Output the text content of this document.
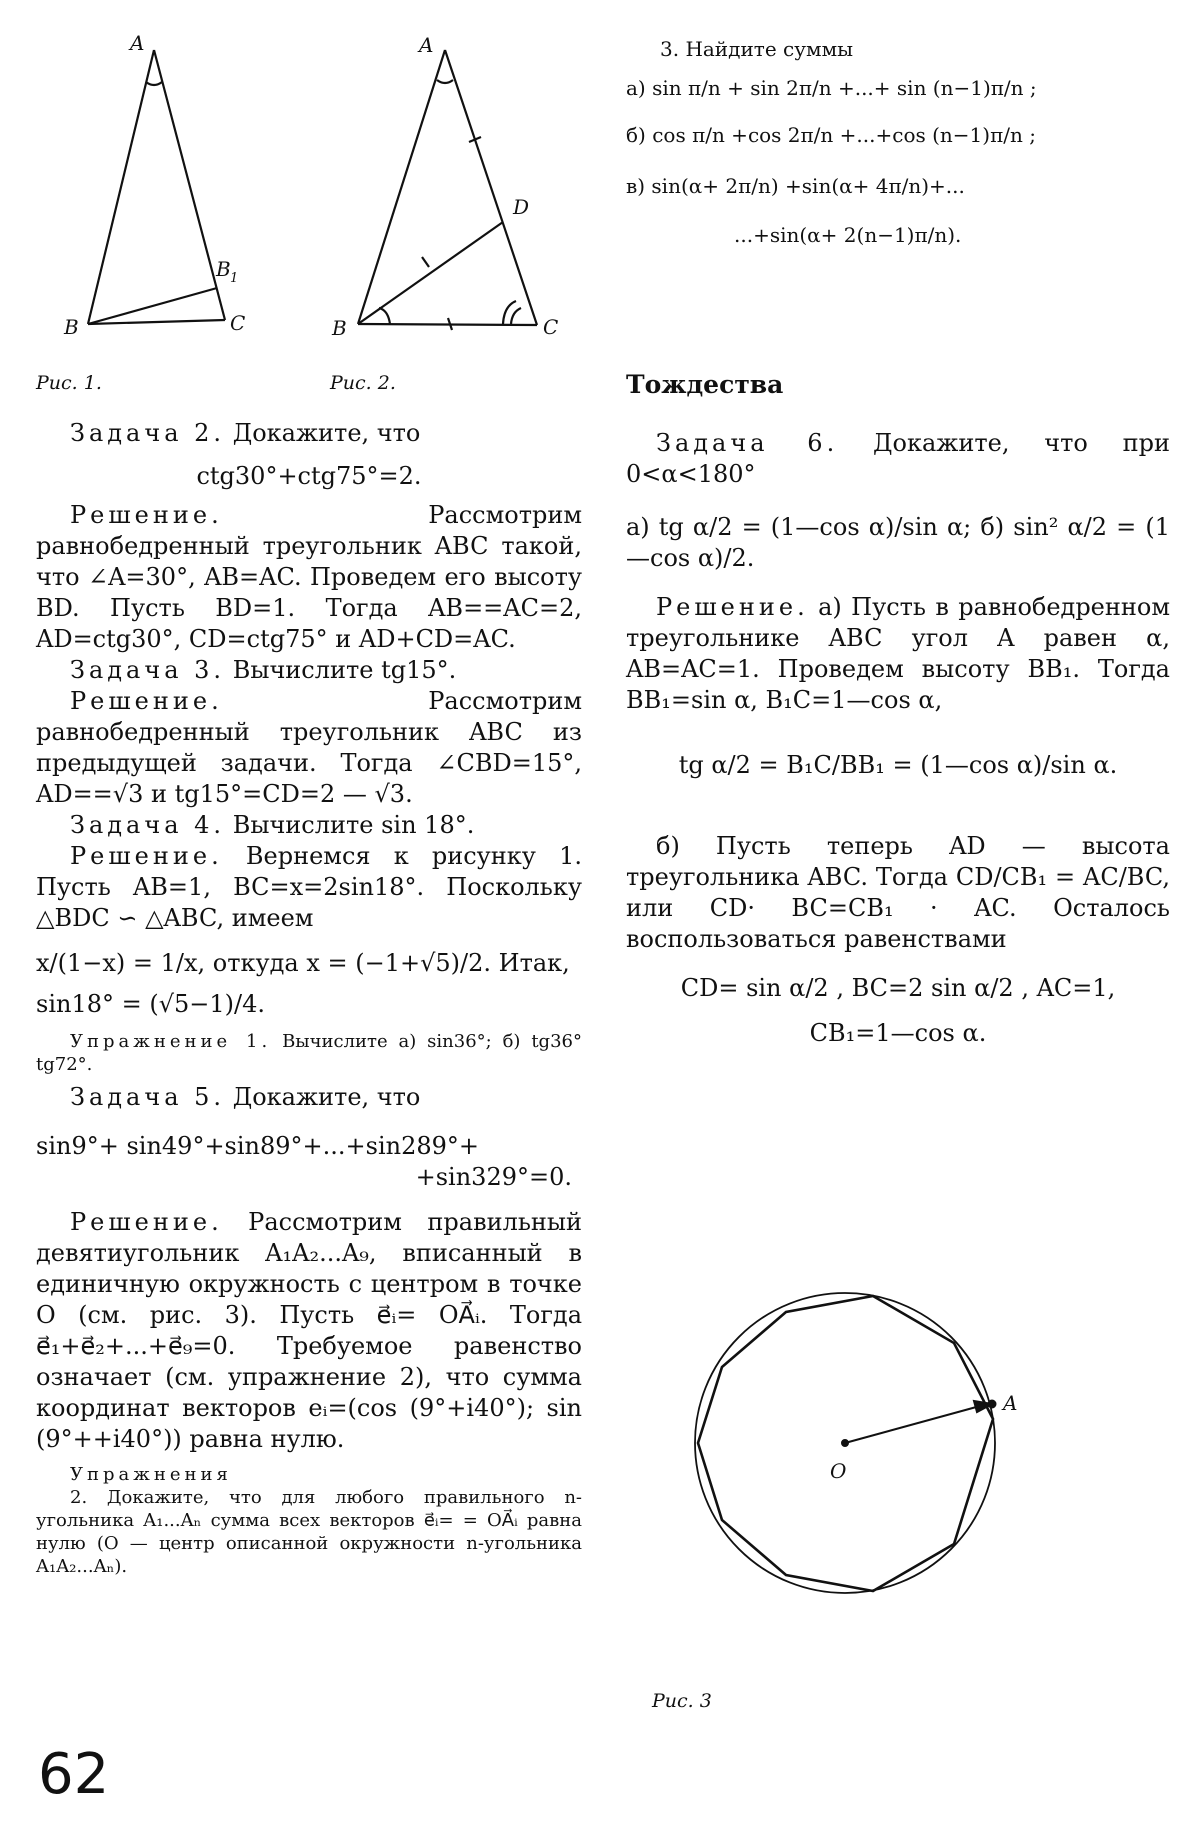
A
B	C
B 1
Рис. 1.
A
B	C
D
Рис. 2.

Задача 2. Докажите, что

ctg30°+ctg75°=2.

Решение.	Рассмотрим равнобедренный треугольник ABC такой, что ∠A=30°, AB=AC. Проведем его высоту BD. Пусть BD=1. Тогда AB==AC=2, AD=ctg30°, CD=ctg75° и AD+CD=AC.

Задача 3. Вычислите tg15°.

Решение.	Рассмотрим равнобедренный треугольник ABC из предыдущей задачи. Тогда ∠CBD=15°, AD==√3 и tg15°=CD=2 — √3.

Задача 4. Вычислите sin 18°.

Решение. Вернемся к рисунку 1. Пусть AB=1, BC=x=2sin18°. Поскольку △BDC ∽ △ABC, имеем

x/(1−x) = 1/x, откуда x = (−1+√5)/2. Итак,

sin18° = (√5−1)/4.

Упражнение 1. Вычислите а) sin36°; б) tg36° tg72°.

Задача 5. Докажите, что

sin9°+ sin49°+sin89°+...+sin289°+

+sin329°=0.

Решение. Рассмотрим правильный девятиугольник A₁A₂...A₉, вписанный в единичную окружность с центром в точке O (см. рис. 3). Пусть e⃗ᵢ= OA⃗ᵢ. Тогда e⃗₁+e⃗₂+...+e⃗₉=0. Требуемое равенство означает (см. упражнение 2), что сумма координат векторов eᵢ=(cos (9°+i40°); sin (9°++i40°)) равна нулю.

Упражнения

2. Докажите, что для любого правильного n-угольника A₁...Aₙ сумма всех векторов e⃗ᵢ= = OA⃗ᵢ равна нулю (O — центр описанной окружности n-угольника A₁A₂...Aₙ).

3. Найдите суммы

а) sin π/n + sin 2π/n +...+ sin (n−1)π/n ;

б) cos π/n +cos 2π/n +...+cos (n−1)π/n ;

в) sin(α+ 2π/n) +sin(α+ 4π/n)+...

...+sin(α+ 2(n−1)π/n).

Тождества

Задача 6. Докажите, что при 0<α<180°

а) tg α/2 = (1—cos α)/sin α; б) sin² α/2 = (1—cos α)/2.

Решение. а) Пусть в равнобедренном треугольнике ABC угол A равен α, AB=AC=1. Проведем высоту BB₁. Тогда BB₁=sin α, B₁C=1—cos α,

tg α/2 = B₁C/BB₁ = (1—cos α)/sin α.

б) Пусть теперь AD — высота треугольника ABC. Тогда CD/CB₁ = AC/BC, или CD· BC=CB₁ · AC. Осталось воспользоваться равенствами

CD= sin α/2 , BC=2 sin α/2 , AC=1,

CB₁=1—cos α.

A
O
Рис. 3
62
